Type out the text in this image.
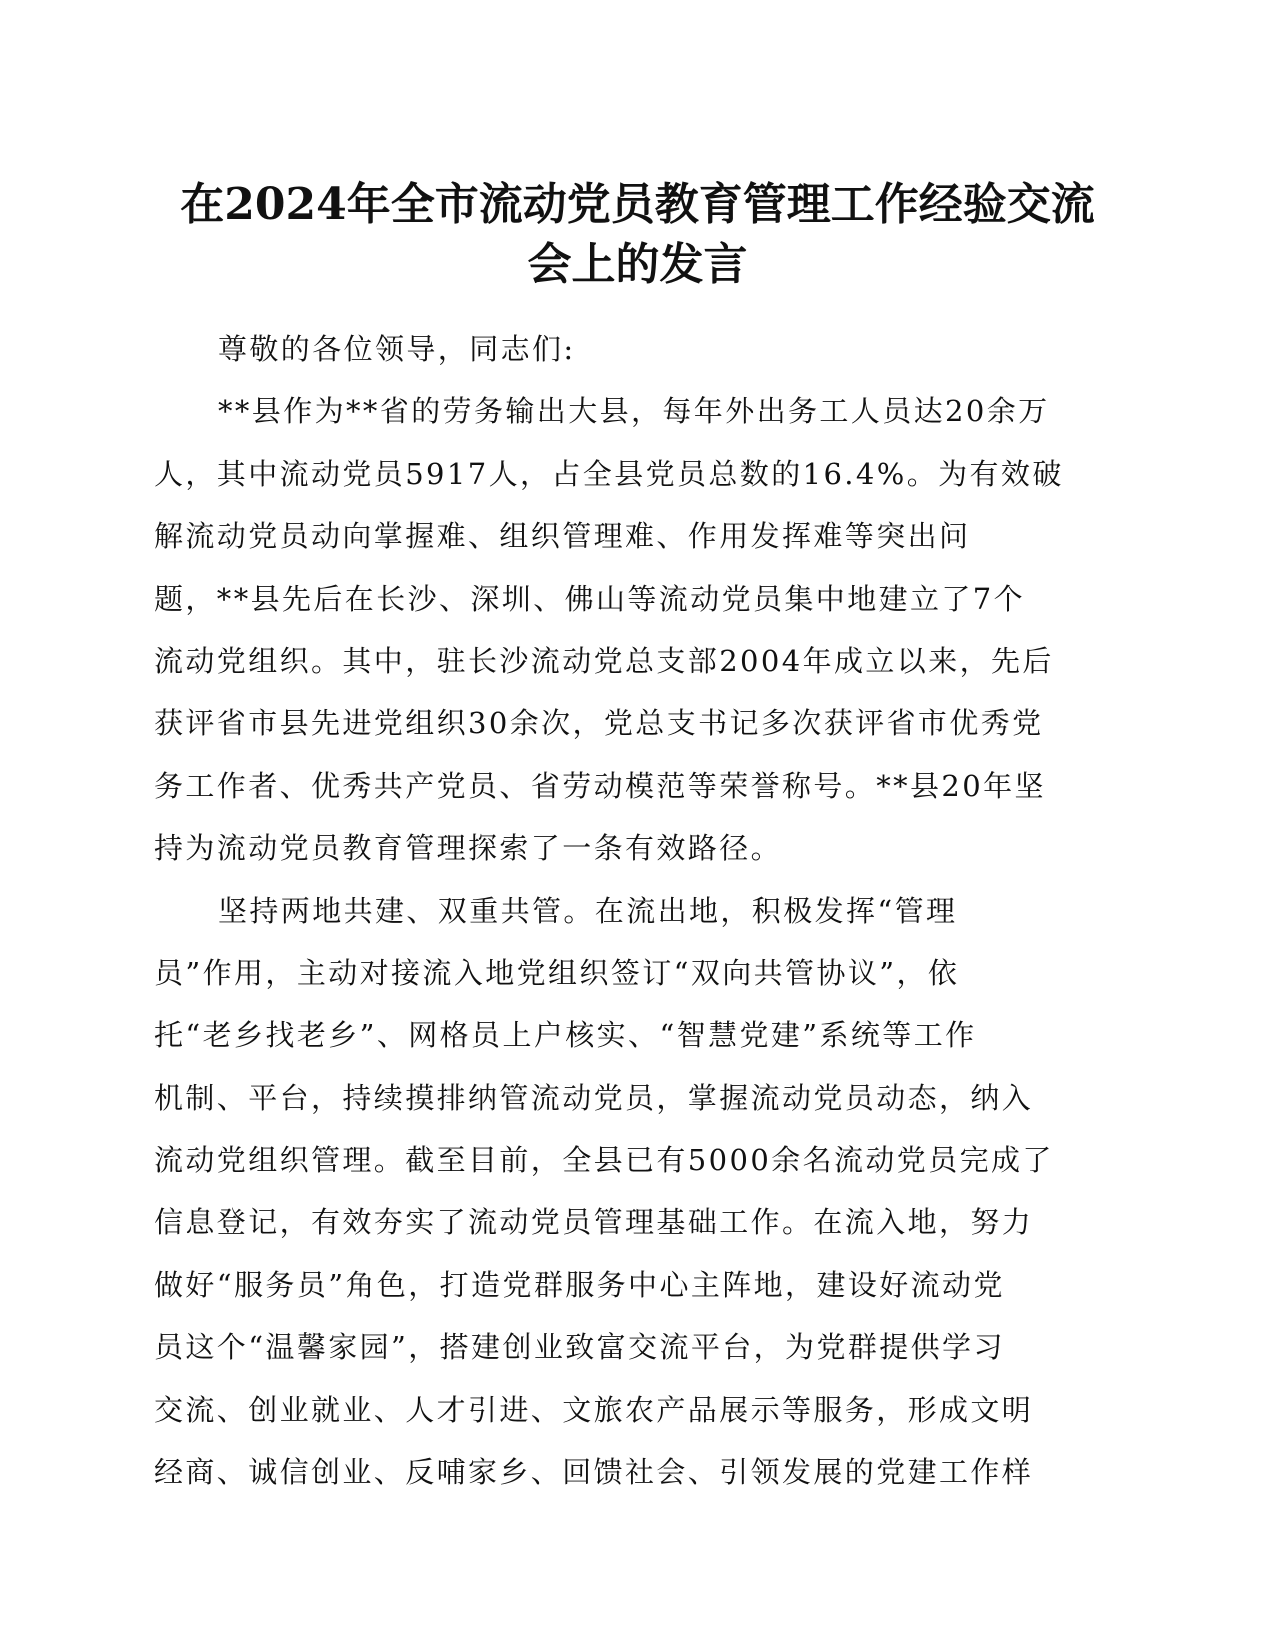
在2024年全市流动党员教育管理工作经验交流
会上的发言
尊敬的各位领导，同志们:
**县作为**省的劳务输出大县，每年外出务工人员达20余万
人，其中流动党员5917人，占全县党员总数的16.4%。为有效破
解流动党员动向掌握难、组织管理难、作用发挥难等突出问
题，**县先后在长沙、深圳、佛山等流动党员集中地建立了7个
流动党组织。其中，驻长沙流动党总支部2004年成立以来，先后
获评省市县先进党组织30余次，党总支书记多次获评省市优秀党
务工作者、优秀共产党员、省劳动模范等荣誉称号。**县20年坚
持为流动党员教育管理探索了一条有效路径。
坚持两地共建、双重共管。在流出地，积极发挥“管理
员”作用，主动对接流入地党组织签订“双向共管协议”，依
托“老乡找老乡”、网格员上户核实、“智慧党建”系统等工作
机制、平台，持续摸排纳管流动党员，掌握流动党员动态，纳入
流动党组织管理。截至目前，全县已有5000余名流动党员完成了
信息登记，有效夯实了流动党员管理基础工作。在流入地，努力
做好“服务员”角色，打造党群服务中心主阵地，建设好流动党
员这个“温馨家园”，搭建创业致富交流平台，为党群提供学习
交流、创业就业、人才引进、文旅农产品展示等服务，形成文明
经商、诚信创业、反哺家乡、回馈社会、引领发展的党建工作样
